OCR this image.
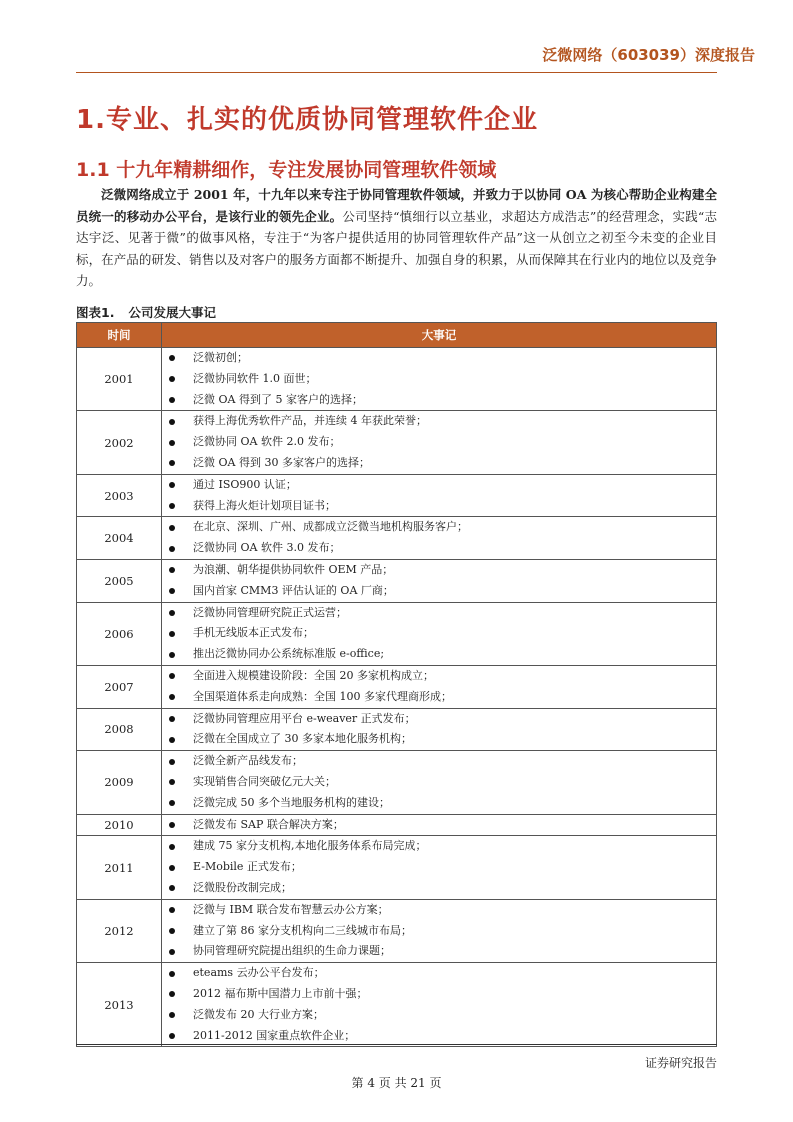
泛微网络（603039）深度报告
1.专业、扎实的优质协同管理软件企业
1.1 十九年精耕细作，专注发展协同管理软件领域
泛微网络成立于 2001 年，十九年以来专注于协同管理软件领域，并致力于以协同 OA 为核心帮助企业构建全员统一的移动办公平台，是该行业的领先企业。公司坚持“慎细行以立基业，求超达方成浩志”的经营理念，实践“志达宇泛、见著于微”的做事风格，专注于“为客户提供适用的协同管理软件产品”这一从创立之初至今未变的企业目标，在产品的研发、销售以及对客户的服务方面都不断提升、加强自身的积累，从而保障其在行业内的地位以及竞争力。
图表1. 公司发展大事记
时间	大事记
2001	泛微初创；
泛微协同软件 1.0 面世；
泛微 OA 得到了 5 家客户的选择；

2002	获得上海优秀软件产品，并连续 4 年获此荣誉；
泛微协同 OA 软件 2.0 发布；
泛微 OA 得到 30 多家客户的选择；

2003	通过 ISO900 认证；
获得上海火炬计划项目证书；

2004	在北京、深圳、广州、成都成立泛微当地机构服务客户；
泛微协同 OA 软件 3.0 发布；

2005	为浪潮、朝华提供协同软件 OEM 产品；
国内首家 CMM3 评估认证的 OA 厂商；

2006	泛微协同管理研究院正式运营；
手机无线版本正式发布；
推出泛微协同办公系统标准版 e-office;

2007	全面进入规模建设阶段：全国 20 多家机构成立；
全国渠道体系走向成熟：全国 100 多家代理商形成；

2008	泛微协同管理应用平台 e-weaver 正式发布；
泛微在全国成立了 30 多家本地化服务机构；

2009	泛微全新产品线发布；
实现销售合同突破亿元大关；
泛微完成 50 多个当地服务机构的建设；

2010	泛微发布 SAP 联合解决方案；

2011	建成 75 家分支机构,本地化服务体系布局完成；
E-Mobile 正式发布；
泛微股份改制完成；

2012	泛微与 IBM 联合发布智慧云办公方案；
建立了第 86 家分支机构向二三线城市布局；
协同管理研究院提出组织的生命力课题；

2013	eteams 云办公平台发布；
2012 福布斯中国潜力上市前十强；
泛微发布 20 大行业方案；
2011-2012 国家重点软件企业；
证券研究报告
第 4 页 共 21 页
